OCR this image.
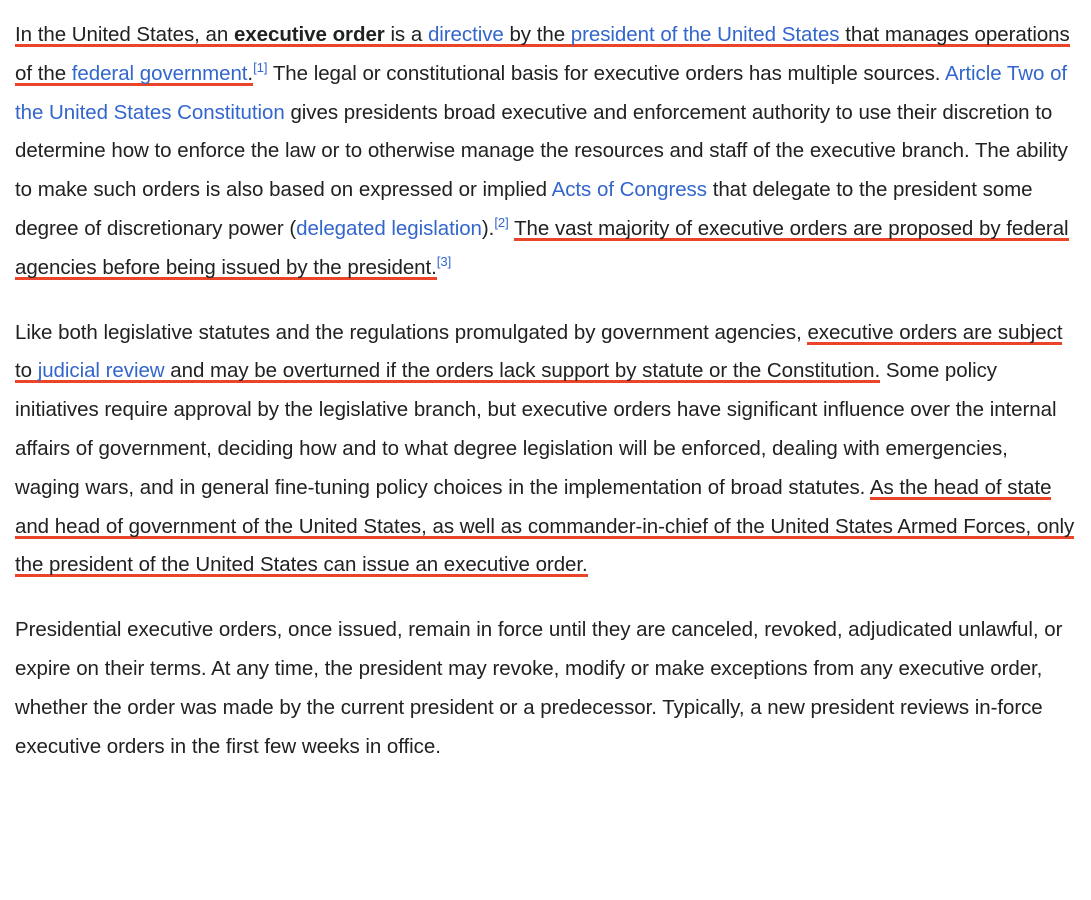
In the United States, an executive order is a directive by the president of the United States that manages operations of the federal government.[1] The legal or constitutional basis for executive orders has multiple sources. Article Two of the United States Constitution gives presidents broad executive and enforcement authority to use their discretion to determine how to enforce the law or to otherwise manage the resources and staff of the executive branch. The ability to make such orders is also based on expressed or implied Acts of Congress that delegate to the president some degree of discretionary power (delegated legislation).[2] The vast majority of executive orders are proposed by federal agencies before being issued by the president.[3]

Like both legislative statutes and the regulations promulgated by government agencies, executive orders are subject to judicial review and may be overturned if the orders lack support by statute or the Constitution. Some policy initiatives require approval by the legislative branch, but executive orders have significant influence over the internal affairs of government, deciding how and to what degree legislation will be enforced, dealing with emergencies, waging wars, and in general fine-tuning policy choices in the implementation of broad statutes. As the head of state and head of government of the United States, as well as commander-in-chief of the United States Armed Forces, only the president of the United States can issue an executive order.

Presidential executive orders, once issued, remain in force until they are canceled, revoked, adjudicated unlawful, or expire on their terms. At any time, the president may revoke, modify or make exceptions from any executive order, whether the order was made by the current president or a predecessor. Typically, a new president reviews in-force executive orders in the first few weeks in office.
